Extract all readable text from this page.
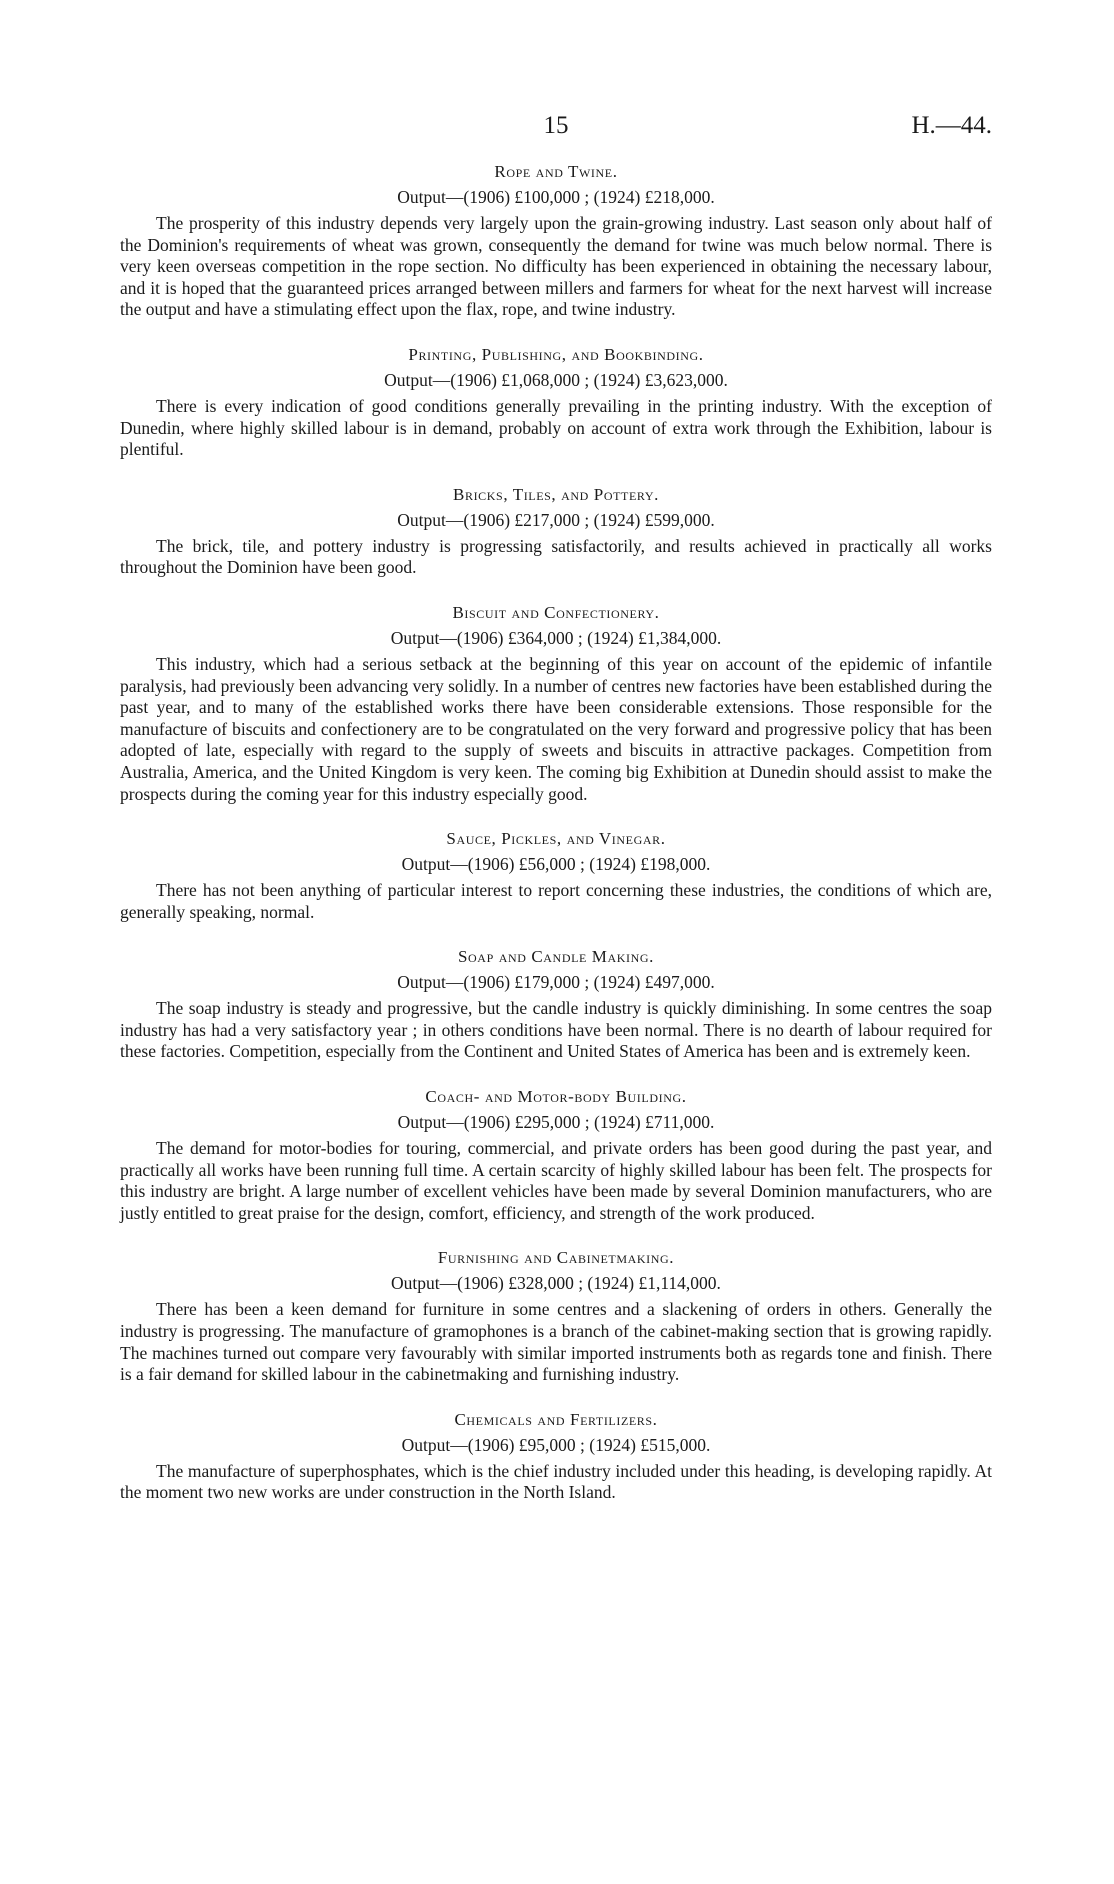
15	H.—44.

Rope and Twine.

Output—(1906) £100,000 ; (1924) £218,000.

The prosperity of this industry depends very largely upon the grain-growing industry. Last season only about half of the Dominion's requirements of wheat was grown, consequently the demand for twine was much below normal. There is very keen overseas competition in the rope section. No difficulty has been experienced in obtaining the necessary labour, and it is hoped that the guaranteed prices arranged between millers and farmers for wheat for the next harvest will increase the output and have a stimulating effect upon the flax, rope, and twine industry.

Printing, Publishing, and Bookbinding.

Output—(1906) £1,068,000 ; (1924) £3,623,000.

There is every indication of good conditions generally prevailing in the printing industry. With the exception of Dunedin, where highly skilled labour is in demand, probably on account of extra work through the Exhibition, labour is plentiful.

Bricks, Tiles, and Pottery.

Output—(1906) £217,000 ; (1924) £599,000.

The brick, tile, and pottery industry is progressing satisfactorily, and results achieved in practically all works throughout the Dominion have been good.

Biscuit and Confectionery.

Output—(1906) £364,000 ; (1924) £1,384,000.

This industry, which had a serious setback at the beginning of this year on account of the epidemic of infantile paralysis, had previously been advancing very solidly. In a number of centres new factories have been established during the past year, and to many of the established works there have been considerable extensions. Those responsible for the manufacture of biscuits and confectionery are to be congratulated on the very forward and progressive policy that has been adopted of late, especially with regard to the supply of sweets and biscuits in attractive packages. Competition from Australia, America, and the United Kingdom is very keen. The coming big Exhibition at Dunedin should assist to make the prospects during the coming year for this industry especially good.

Sauce, Pickles, and Vinegar.

Output—(1906) £56,000 ; (1924) £198,000.

There has not been anything of particular interest to report concerning these industries, the conditions of which are, generally speaking, normal.

Soap and Candle Making.

Output—(1906) £179,000 ; (1924) £497,000.

The soap industry is steady and progressive, but the candle industry is quickly diminishing. In some centres the soap industry has had a very satisfactory year ; in others conditions have been normal. There is no dearth of labour required for these factories. Competition, especially from the Continent and United States of America has been and is extremely keen.

Coach- and Motor-body Building.

Output—(1906) £295,000 ; (1924) £711,000.

The demand for motor-bodies for touring, commercial, and private orders has been good during the past year, and practically all works have been running full time. A certain scarcity of highly skilled labour has been felt. The prospects for this industry are bright. A large number of excellent vehicles have been made by several Dominion manufacturers, who are justly entitled to great praise for the design, comfort, efficiency, and strength of the work produced.

Furnishing and Cabinetmaking.

Output—(1906) £328,000 ; (1924) £1,114,000.

There has been a keen demand for furniture in some centres and a slackening of orders in others. Generally the industry is progressing. The manufacture of gramophones is a branch of the cabinet-making section that is growing rapidly. The machines turned out compare very favourably with similar imported instruments both as regards tone and finish. There is a fair demand for skilled labour in the cabinetmaking and furnishing industry.

Chemicals and Fertilizers.

Output—(1906) £95,000 ; (1924) £515,000.

The manufacture of superphosphates, which is the chief industry included under this heading, is developing rapidly. At the moment two new works are under construction in the North Island.
